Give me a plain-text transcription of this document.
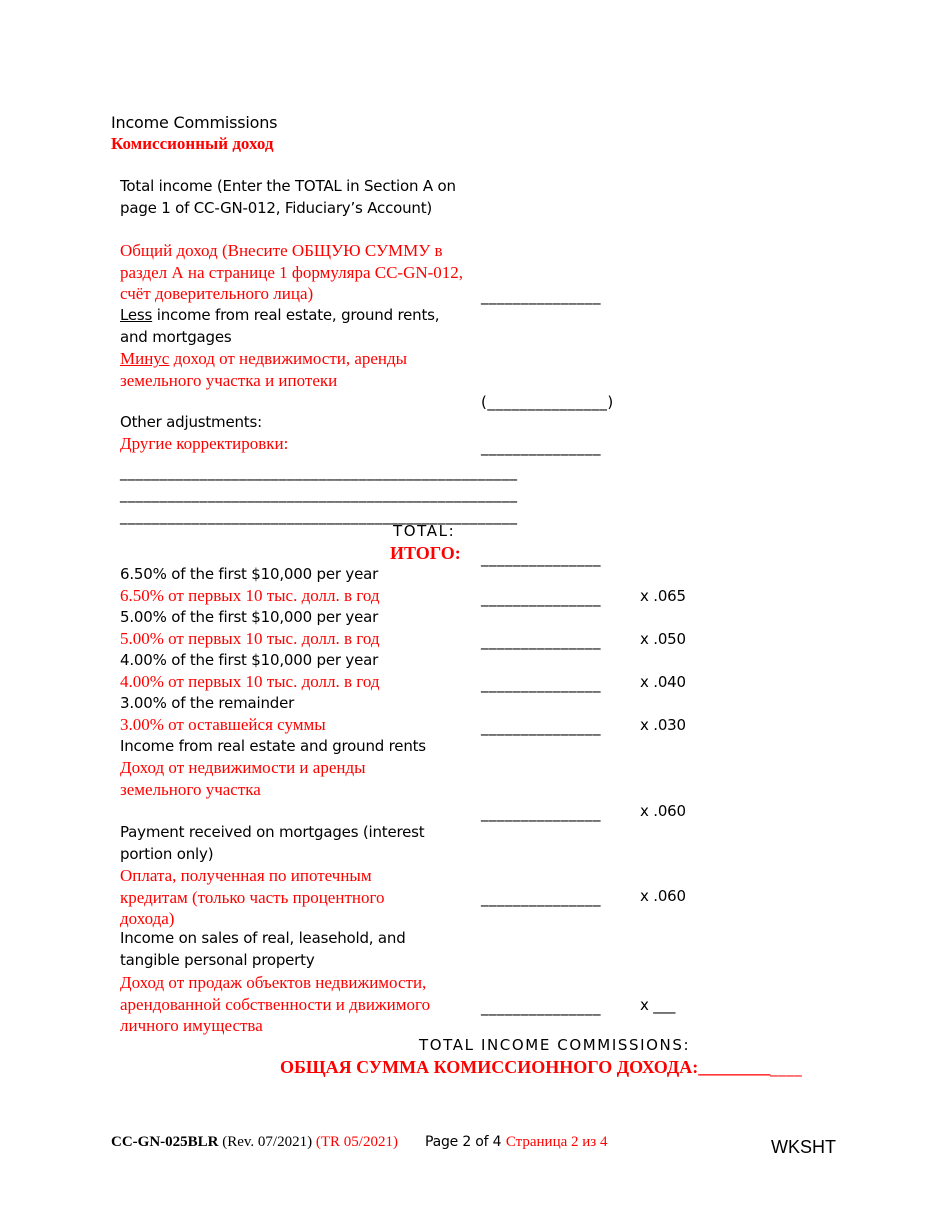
Income Commissions
Комиссионный доход
Total income (Enter the TOTAL in Section A on page 1 of CC-GN-012, Fiduciary’s Account)
Общий доход (Внесите ОБЩУЮ СУММУ в раздел А на странице 1 формуляра CC-GN-012, счёт доверительного лица)	_______________
Less income from real estate, ground rents, and mortgages
Минус доход от недвижимости, аренды земельного участка и ипотеки
(_______________)
Other adjustments:
Другие корректировки:	_______________
__________________________________________________
__________________________________________________
__________________________________________________
TOTAL:
ИТОГО: _______________
6.50% of the first $10,000 per year
6.50% от первых 10 тыс. долл. в год	_______________	x .065
5.00% of the first $10,000 per year
5.00% от первых 10 тыс. долл. в год	_______________	x .050
4.00% of the first $10,000 per year
4.00% от первых 10 тыс. долл. в год	_______________	x .040
3.00% of the remainder
3.00% от оставшейся суммы	_______________	x .030
Income from real estate and ground rents
Доход от недвижимости и аренды земельного участка
_______________	x .060
Payment received on mortgages (interest portion only)
Оплата, полученная по ипотечным кредитам (только часть процентного дохода)
_______________	x .060
Income on sales of real, leasehold, and tangible personal property
Доход от продаж объектов недвижимости, арендованной собственности и движимого личного имущества
_______________	x ___
TOTAL INCOME COMMISSIONS:
ОБЩАЯ СУММА КОМИССИОННОГО ДОХОДА:____________
CC-GN-025BLR (Rev. 07/2021) (TR 05/2021) Page 2 of 4 Страница 2 из 4	WKSHT
